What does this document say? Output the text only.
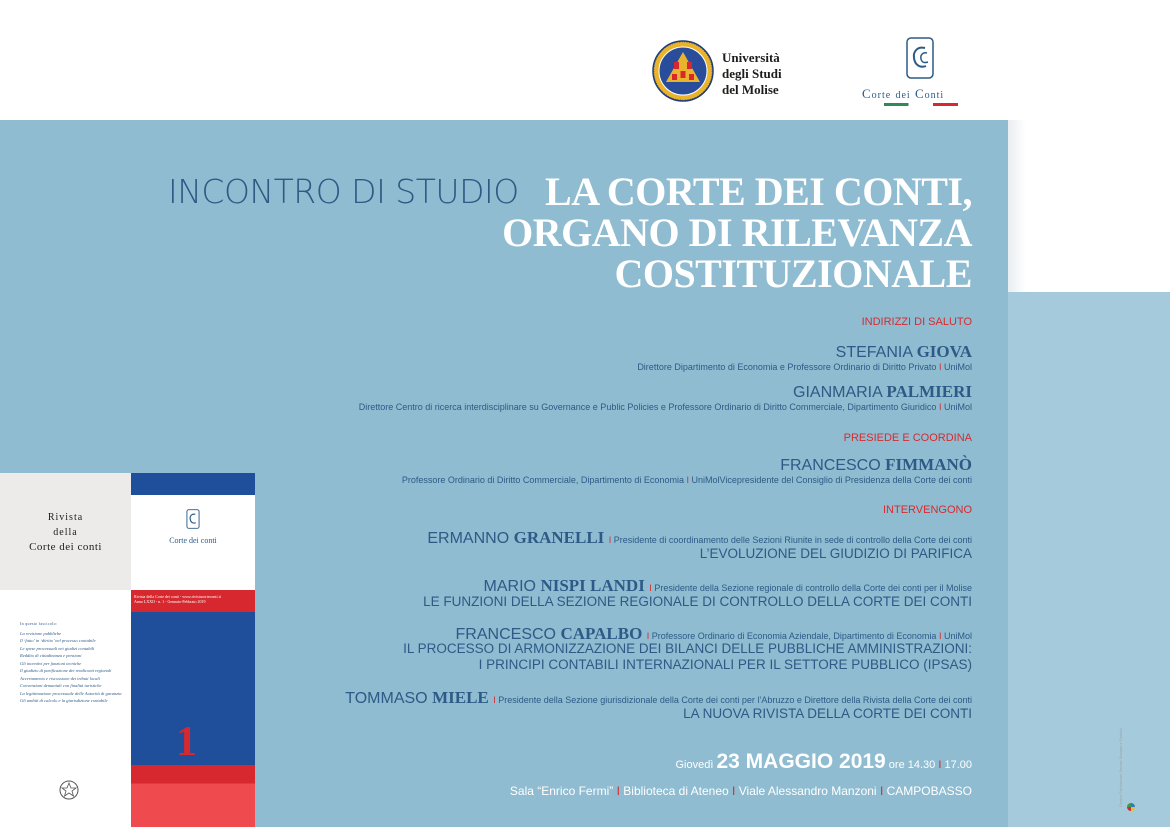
Università
degli Studi
del Molise	Corte dei Conti
INCONTRO DI STUDIO LA CORTE DEI CONTI,
ORGANO DI RILEVANZA
COSTITUZIONALE
INDIRIZZI DI SALUTO
STEFANIA GIOVA
Direttore Dipartimento di Economia e Professore Ordinario di Diritto Privato I UniMol
GIANMARIA PALMIERI
Direttore Centro di ricerca interdisciplinare su Governance e Public Policies e Professore Ordinario di Diritto Commerciale, Dipartimento Giuridico I UniMol
PRESIEDE E COORDINA
FRANCESCO FIMMANÒ
Professore Ordinario di Diritto Commerciale, Dipartimento di Economia I UniMolVicepresidente del Consiglio di Presidenza della Corte dei conti
INTERVENGONO
ERMANNO GRANELLI I Presidente di coordinamento delle Sezioni Riunite in sede di controllo della Corte dei conti
L’EVOLUZIONE DEL GIUDIZIO DI PARIFICA
MARIO NISPI LANDI I Presidente della Sezione regionale di controllo della Corte dei conti per il Molise
LE FUNZIONI DELLA SEZIONE REGIONALE DI CONTROLLO DELLA CORTE DEI CONTI
FRANCESCO CAPALBO I Professore Ordinario di Economia Aziendale, Dipartimento di Economia I UniMol
IL PROCESSO DI ARMONIZZAZIONE DEI BILANCI DELLE PUBBLICHE AMMINISTRAZIONI:
I PRINCIPI CONTABILI INTERNAZIONALI PER IL SETTORE PUBBLICO (IPSAS)
TOMMASO MIELE I Presidente della Sezione giurisdizionale della Corte dei conti per l’Abruzzo e Direttore della Rivista della Corte dei conti
LA NUOVA RIVISTA DELLA CORTE DEI CONTI
Giovedì 23 MAGGIO 2019 ore 14.30 I 17.00
Sala “Enrico Fermi” I Biblioteca di Ateneo I Viale Alessandro Manzoni I CAMPOBASSO
Rivista
della
Corte dei conti
Corte dei conti
Rivista della Corte dei conti - www.rivistacorteconti.it
Anno LXXII - n. 1 - Gennaio-Febbraio 2019
1
In questo fascicolo:
La revisione pubbliche
Il ‘fatto’ in ‘diritto’ nel processo contabile
Le spese processuali nei giudizi contabili
Reddito di cittadinanza e pensioni
Gli incentivi per funzioni tecniche
Il giudizio di parificazione dei rendiconti regionali
Accertamento e riscossione dei tributi locali
Convenzioni demaniali con finalità turistiche
La legittimazione processuale delle Autorità di garanzia
Gli ambiti di calcolo e la giurisdizione contabile
Centro Produzione Servizi Stampa e Grafica
